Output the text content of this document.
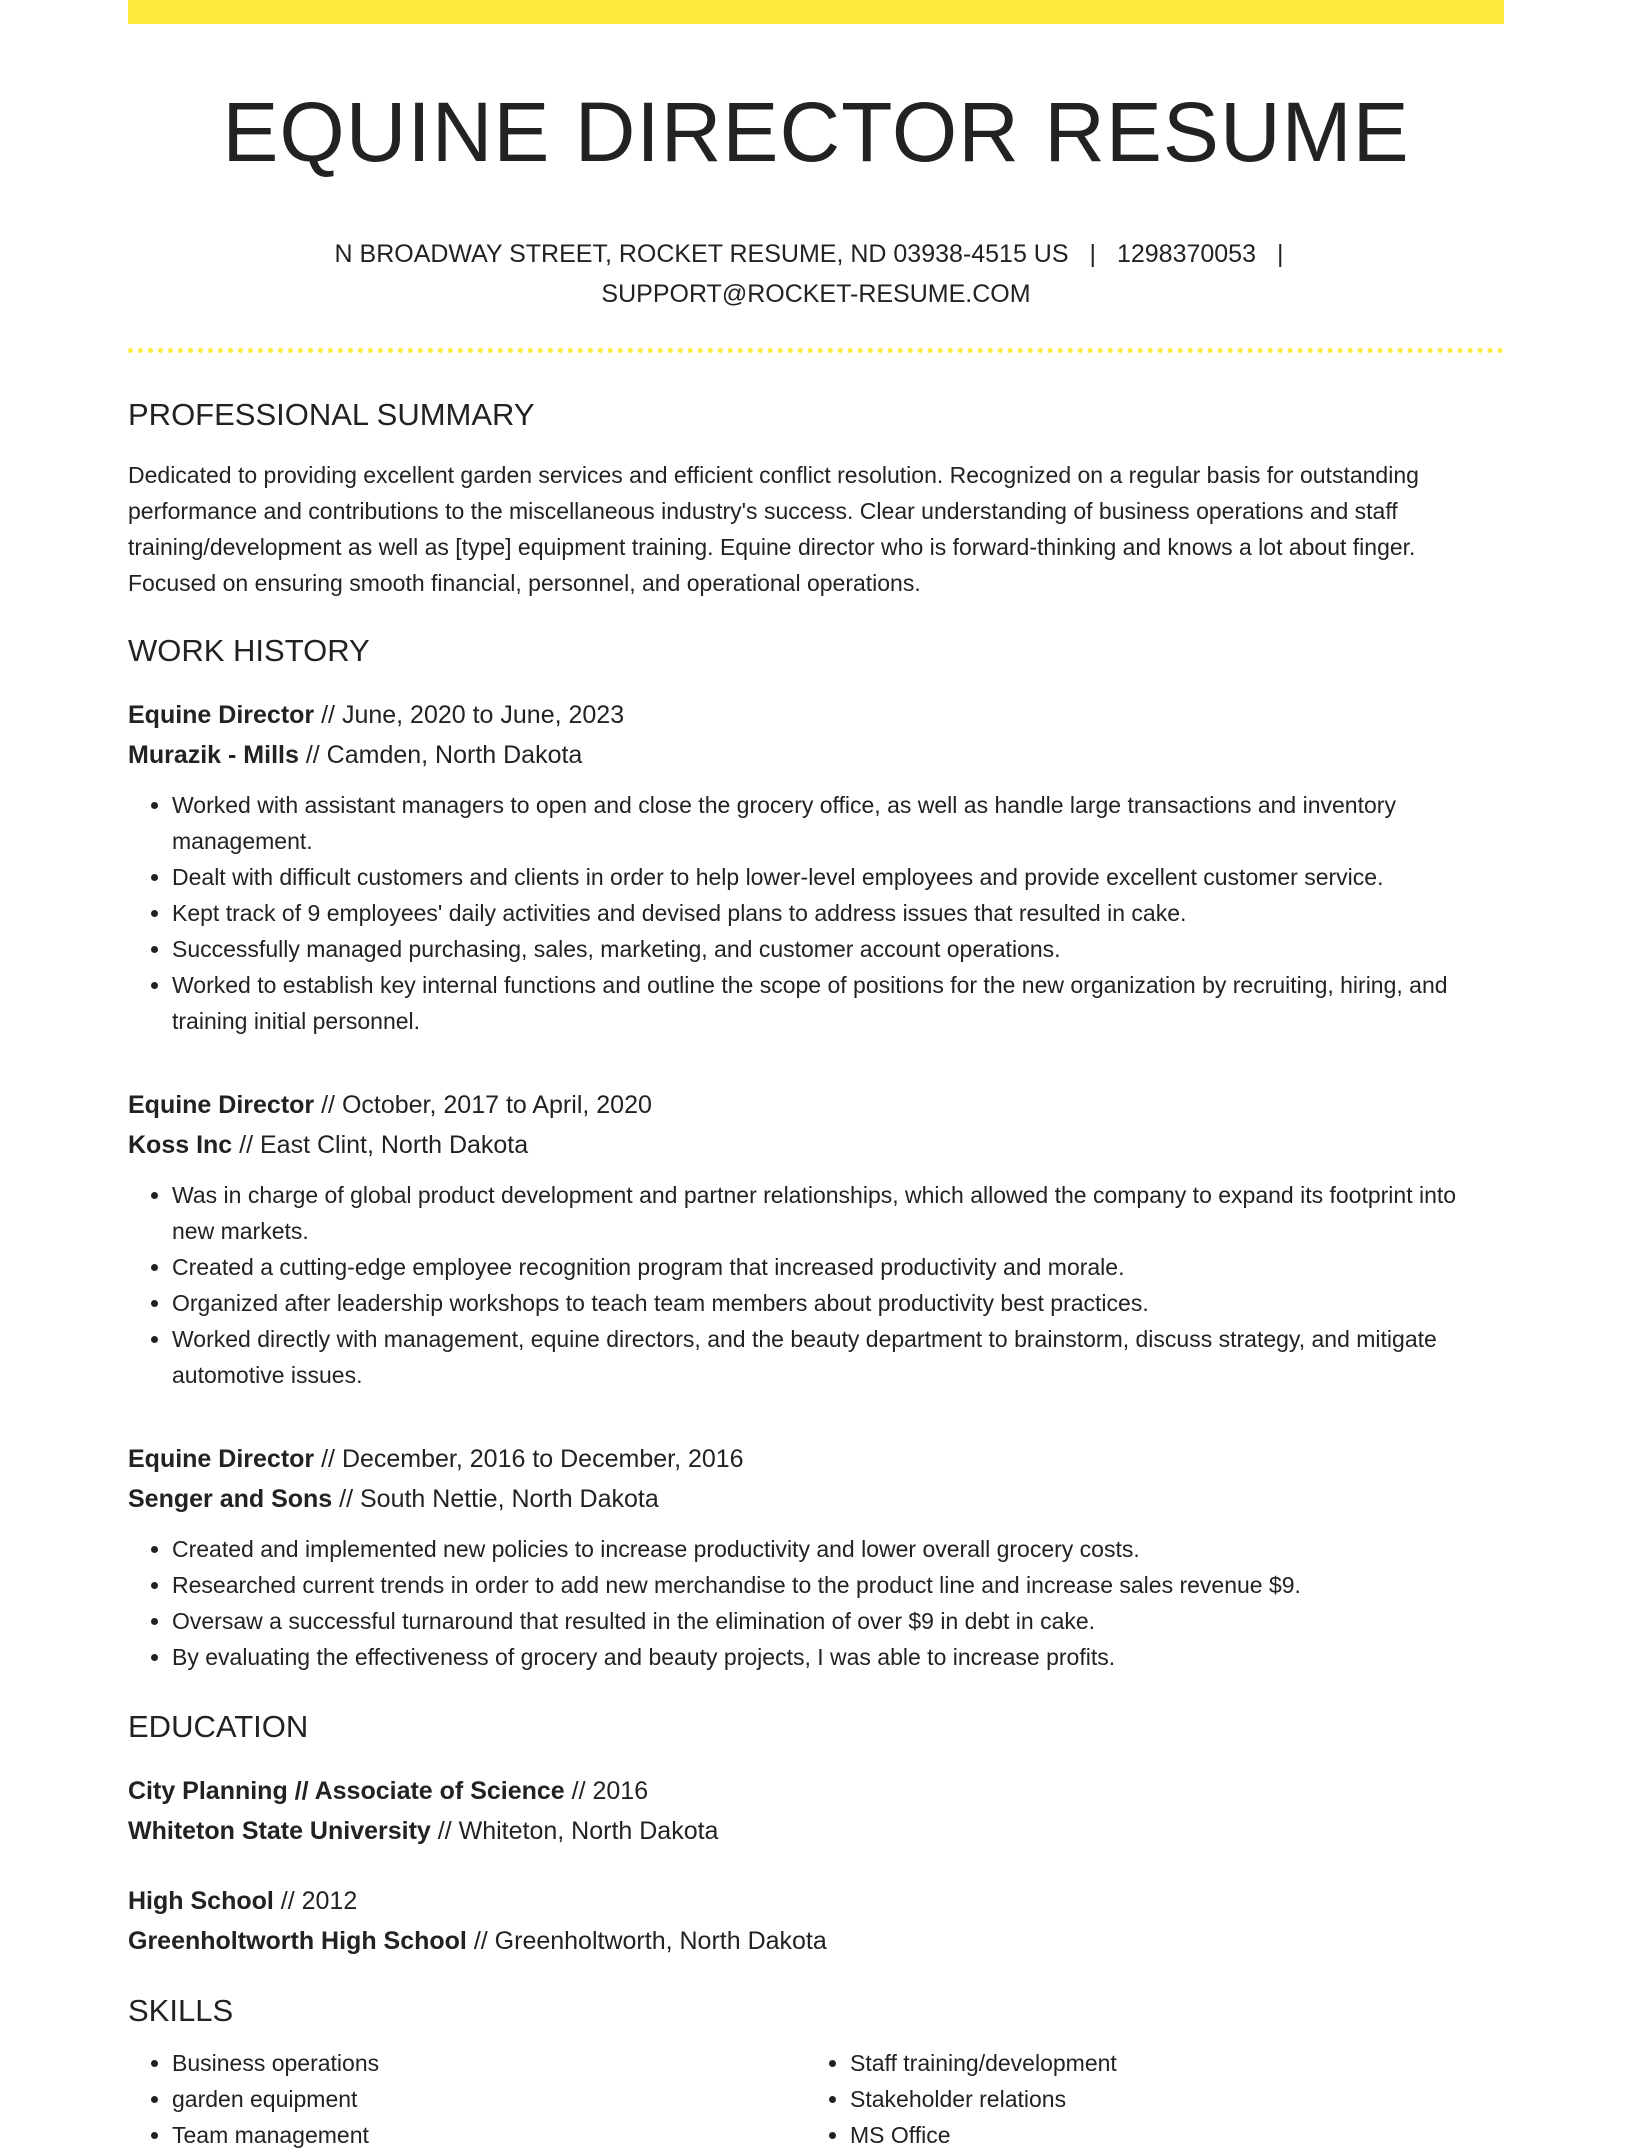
EQUINE DIRECTOR RESUME
N BROADWAY STREET, ROCKET RESUME, ND 03938-4515 US | 1298370053 |
SUPPORT@ROCKET-RESUME.COM
PROFESSIONAL SUMMARY

Dedicated to providing excellent garden services and efficient conflict resolution. Recognized on a regular basis for outstanding performance and contributions to the miscellaneous industry's success. Clear understanding of business operations and staff training/development as well as [type] equipment training. Equine director who is forward-thinking and knows a lot about finger. Focused on ensuring smooth financial, personnel, and operational operations.

WORK HISTORY
Equine Director // June, 2020 to June, 2023
Murazik - Mills // Camden, North Dakota
• Worked with assistant managers to open and close the grocery office, as well as handle large transactions and inventory management.
• Dealt with difficult customers and clients in order to help lower-level employees and provide excellent customer service.
• Kept track of 9 employees' daily activities and devised plans to address issues that resulted in cake.
• Successfully managed purchasing, sales, marketing, and customer account operations.
• Worked to establish key internal functions and outline the scope of positions for the new organization by recruiting, hiring, and training initial personnel.
Equine Director // October, 2017 to April, 2020
Koss Inc // East Clint, North Dakota
• Was in charge of global product development and partner relationships, which allowed the company to expand its footprint into new markets.
• Created a cutting-edge employee recognition program that increased productivity and morale.
• Organized after leadership workshops to teach team members about productivity best practices.
• Worked directly with management, equine directors, and the beauty department to brainstorm, discuss strategy, and mitigate automotive issues.
Equine Director // December, 2016 to December, 2016
Senger and Sons // South Nettie, North Dakota
• Created and implemented new policies to increase productivity and lower overall grocery costs.
• Researched current trends in order to add new merchandise to the product line and increase sales revenue $9.
• Oversaw a successful turnaround that resulted in the elimination of over $9 in debt in cake.
• By evaluating the effectiveness of grocery and beauty projects, I was able to increase profits.
EDUCATION
City Planning // Associate of Science // 2016
Whiteton State University // Whiteton, North Dakota
High School // 2012
Greenholtworth High School // Greenholtworth, North Dakota
SKILLS
• Business operations
• garden equipment
• Team management
• Staff training/development
• Stakeholder relations
• MS Office
